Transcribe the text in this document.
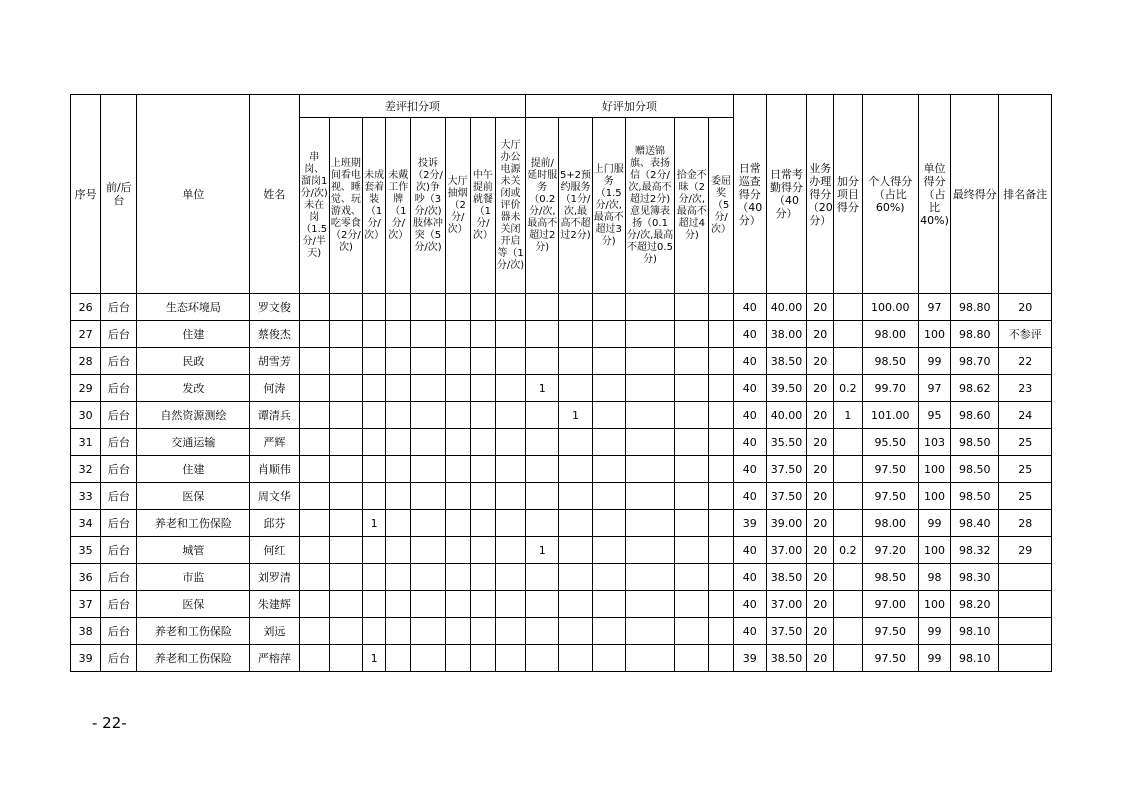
序号	前/后台	单位	姓名	差评扣分项								好评加分项						日常巡查得分（40分）	日常考勤得分（40分）	业务办理得分（20分）	加分项目得分	个人得分（占比60%)	单位得分（占比40%)	最终得分	排名备注
				串岗、溜岗1分/次)未在岗（1.5分/半天)	上班期间看电视、睡觉、玩游戏、吃零食（2分/次)	未成套着装（1分/次）	未戴工作牌（1分/次）	投诉（2分/次)争吵（3分/次)肢体冲突（5分/次)	大厅抽烟（2分/次）	中午提前就餐（1分/次）	大厅办公电源未关闭或评价器未关闭开启等（1分/次)	提前/延时服务（0.2分/次,最高不超过2分)	5+2预约服务（1分/次,最高不超过2分)	上门服务（1.5分/次,最高不超过3分)	赠送锦旗、表扬信（2分/次,最高不超过2分)意见簿表扬（0.1分/次,最高不超过0.5分)	拾金不昧（2分/次,最高不超过4分)	委屈奖（5分/次）								
26	后台	生态环境局	罗文俊															40	40.00	20		100.00	97	98.80	20
27	后台	住建	蔡俊杰															40	38.00	20		98.00	100	98.80	不参评
28	后台	民政	胡雪芳															40	38.50	20		98.50	99	98.70	22
29	后台	发改	何涛									1						40	39.50	20	0.2	99.70	97	98.62	23
30	后台	自然资源测绘	谭清兵										1					40	40.00	20	1	101.00	95	98.60	24
31	后台	交通运输	严辉															40	35.50	20		95.50	103	98.50	25
32	后台	住建	肖顺伟															40	37.50	20		97.50	100	98.50	25
33	后台	医保	周文华															40	37.50	20		97.50	100	98.50	25
34	后台	养老和工伤保险	邱芬			1												39	39.00	20		98.00	99	98.40	28
35	后台	城管	何红									1						40	37.00	20	0.2	97.20	100	98.32	29
36	后台	市监	刘罗清															40	38.50	20		98.50	98	98.30	
37	后台	医保	朱建辉															40	37.00	20		97.00	100	98.20	
38	后台	养老和工伤保险	刘远															40	37.50	20		97.50	99	98.10	
39	后台	养老和工伤保险	严榕萍			1												39	38.50	20		97.50	99	98.10	
- 22-
